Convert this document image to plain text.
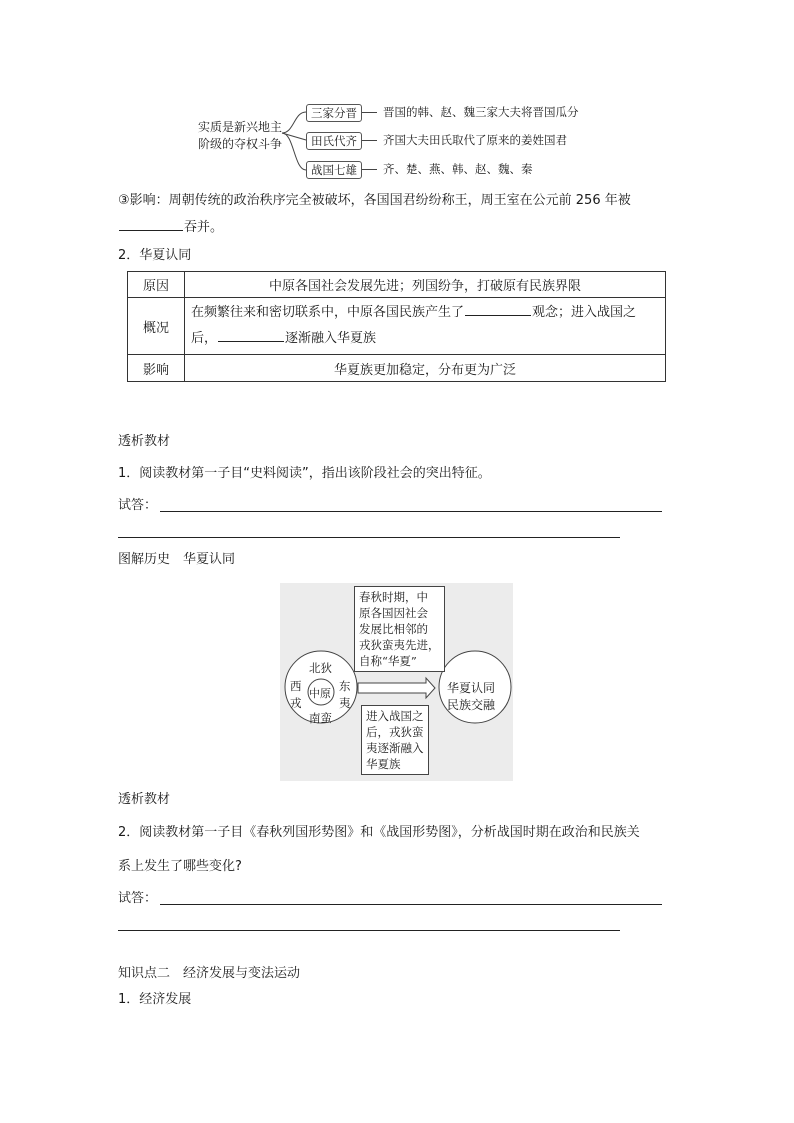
实质是新兴地主
阶级的夺权斗争
三家分晋
田氏代齐
战国七雄
晋国的韩、赵、魏三家大夫将晋国瓜分
齐国大夫田氏取代了原来的姜姓国君
齐、楚、燕、韩、赵、魏、秦
③影响：周朝传统的政治秩序完全被破坏，各国国君纷纷称王，周王室在公元前 256 年被
吞并。
2．华夏认同
原因	中原各国社会发展先进；列国纷争，打破原有民族界限
概况	在频繁往来和密切联系中，中原各国民族产生了 观念；进入战国之
后， 逐渐融入华夏族
影响	华夏族更加稳定，分布更为广泛
透析教材
1．阅读教材第一子目“史料阅读”，指出该阶段社会的突出特征。
试答：
图解历史　华夏认同
春秋时期，中
原各国因社会
发展比相邻的
戎狄蛮夷先进，
自称“华夏”
进入战国之
后，戎狄蛮
夷逐渐融入
华夏族
北狄
西
戎
中原
东
夷
南蛮
华夏认同
民族交融
透析教材
2．阅读教材第一子目《春秋列国形势图》和《战国形势图》，分析战国时期在政治和民族关
系上发生了哪些变化?
试答：
知识点二　经济发展与变法运动
1．经济发展
